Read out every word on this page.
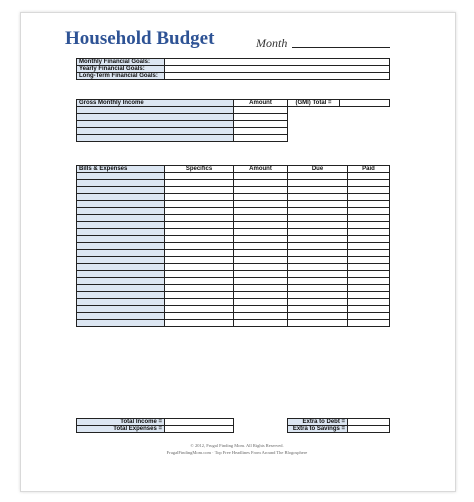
Household Budget	Month
Monthly Financial Goals:	
Yearly Financial Goals:	
Long-Term Financial Goals:	
Gross Monthly Income	Amount	(GMI) Total =	

Bills & Expenses	Specifics	Amount	Due	Paid

Total Income =			Extra to Debt =	
Total Expenses =			Extra to Savings =	
© 2012, Frugal Finding Mom. All Rights Reserved.
FrugalFindingMom.com · Top Free Headlines From Around The Blogosphere
